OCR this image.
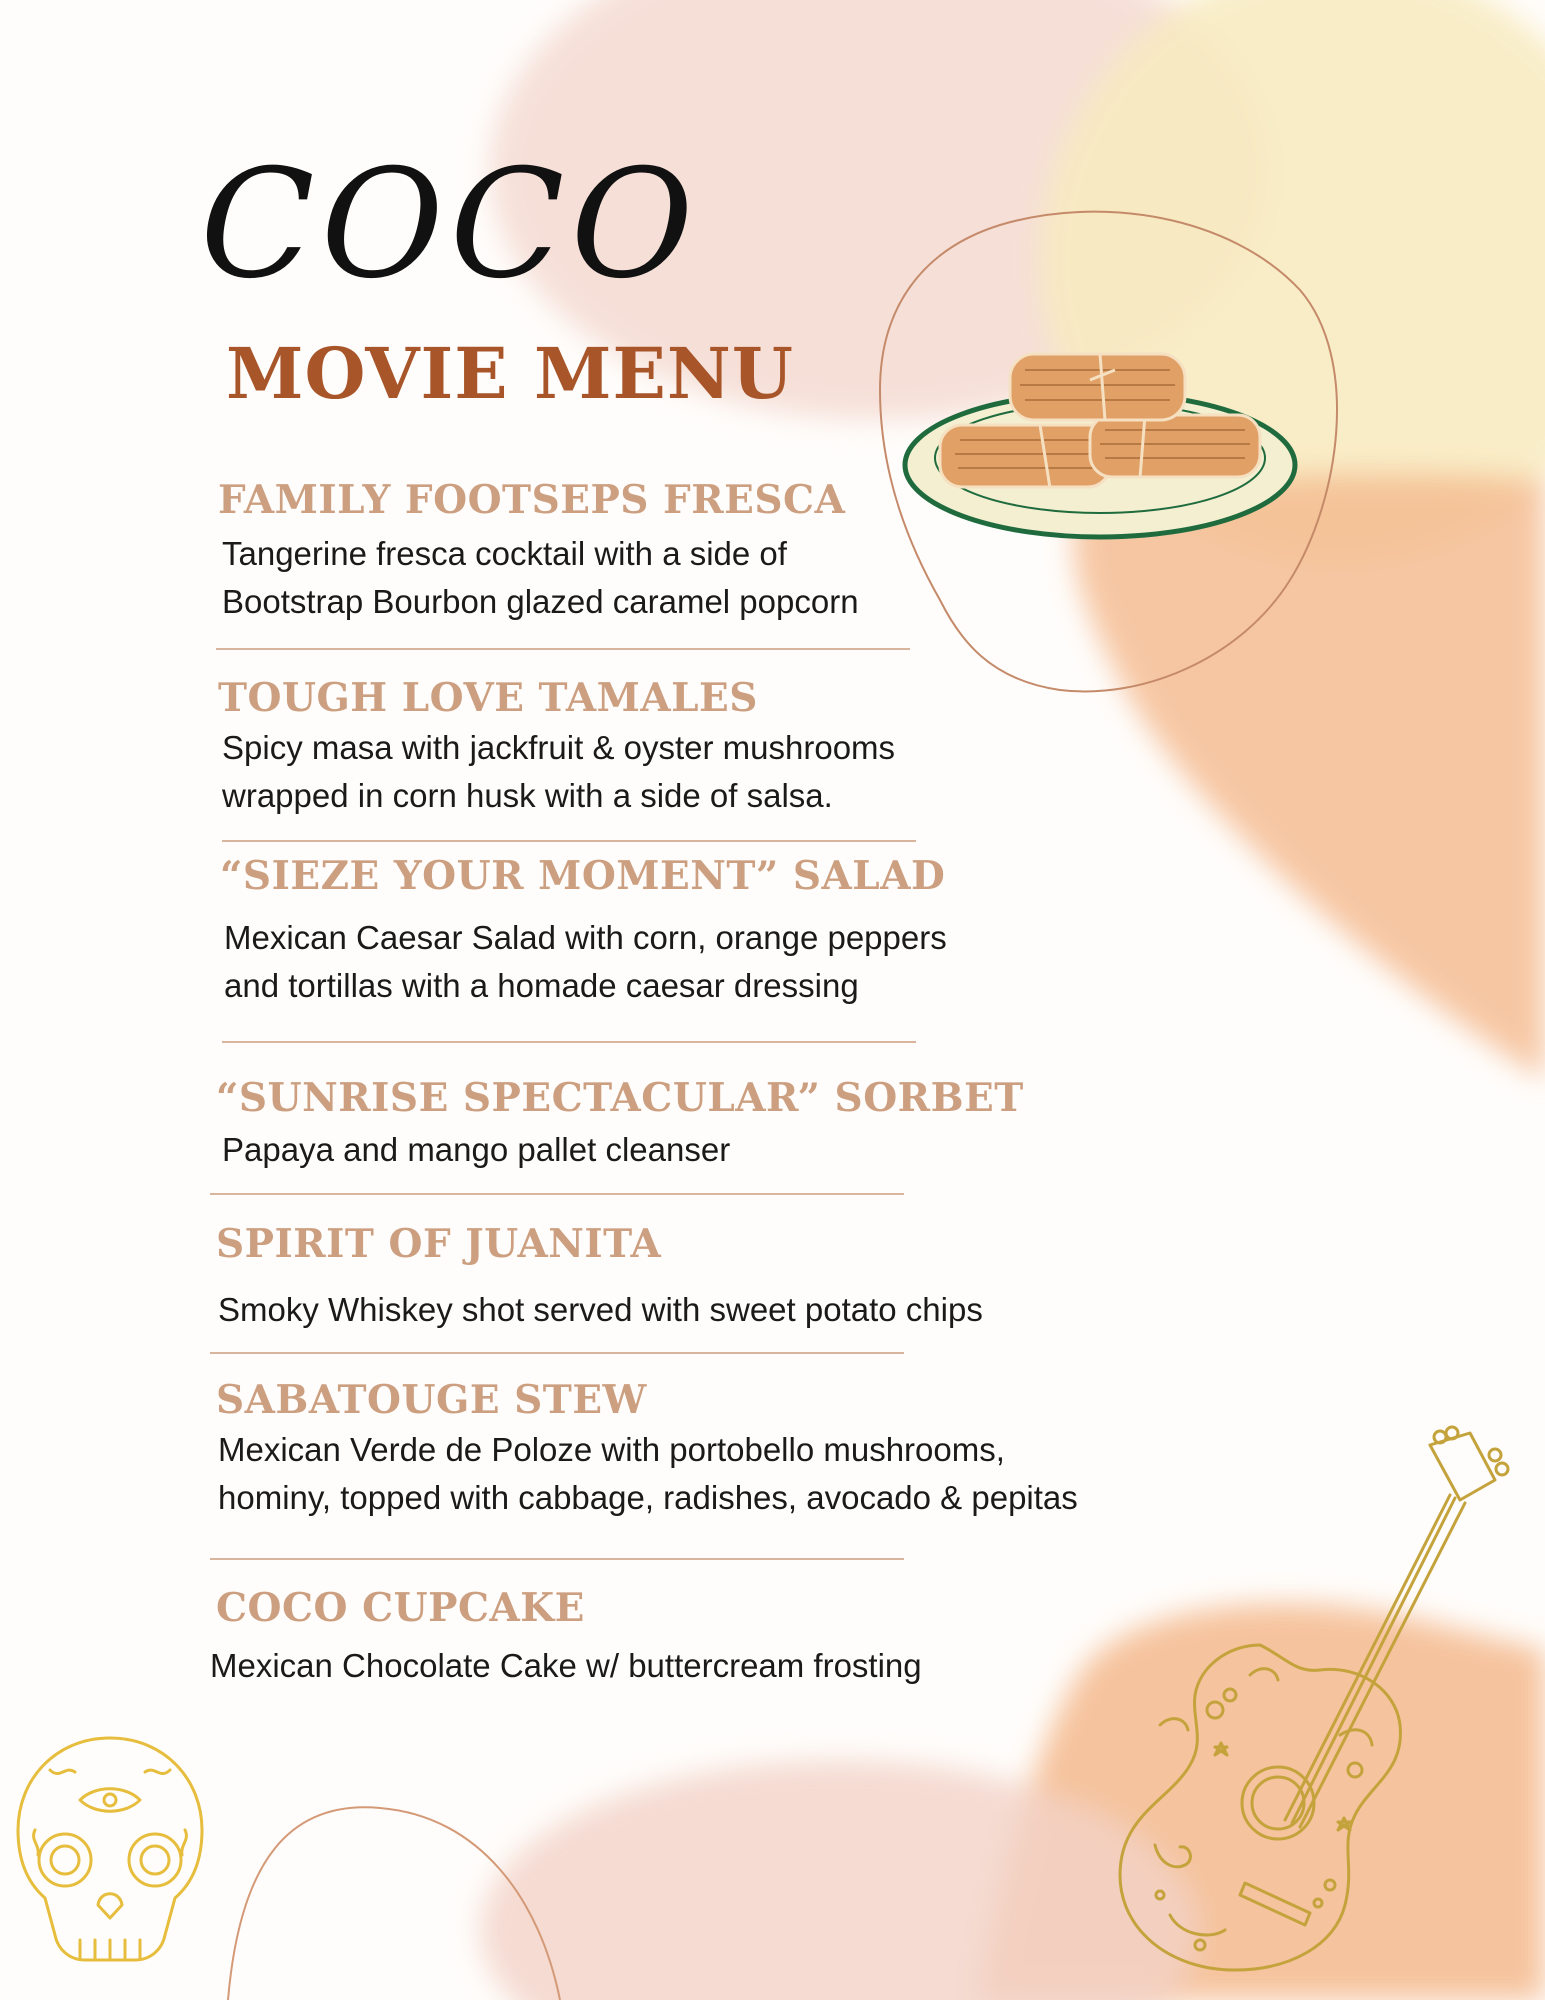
COCO
MOVIE MENU
FAMILY FOOTSEPS FRESCA

Tangerine fresca cocktail with a side of

Bootstrap Bourbon glazed caramel popcorn

TOUGH LOVE TAMALES

Spicy masa with jackfruit & oyster mushrooms

wrapped in corn husk with a side of salsa.

“SIEZE YOUR MOMENT” SALAD

Mexican Caesar Salad with corn, orange peppers

and tortillas with a homade caesar dressing

“SUNRISE SPECTACULAR” SORBET

Papaya and mango pallet cleanser

SPIRIT OF JUANITA

Smoky Whiskey shot served with sweet potato chips

SABATOUGE STEW

Mexican Verde de Poloze with portobello mushrooms,

hominy, topped with cabbage, radishes, avocado & pepitas

COCO CUPCAKE

Mexican Chocolate Cake w/ buttercream frosting
